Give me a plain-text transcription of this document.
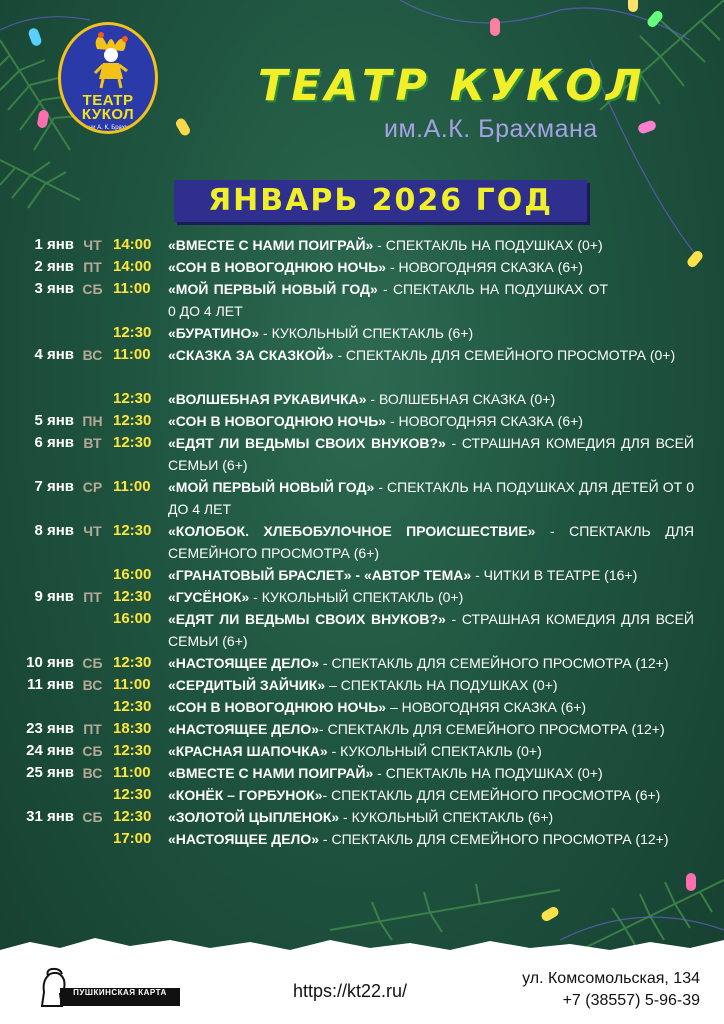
ТЕАТР
КУКОЛ
Имени А. К. Брахмана
ТЕАТР КУКОЛ
им.А.К. Брахмана
ЯНВАРЬ 2026 ГОД
1 янв ЧТ 14:00	«ВМЕСТЕ С НАМИ ПОИГРАЙ» - СПЕКТАКЛЬ НА ПОДУШКАХ (0+)
2 янв ПТ 14:00	«СОН В НОВОГОДНЮЮ НОЧЬ» - НОВОГОДНЯЯ СКАЗКА (6+)
3 янв СБ 11:00	«МОЙ ПЕРВЫЙ НОВЫЙ ГОД» - СПЕКТАКЛЬ НА ПОДУШКАХ ОТ 0 ДО 4 ЛЕТ
12:30	«БУРАТИНО» - КУКОЛЬНЫЙ СПЕКТАКЛЬ (6+)
4 янв ВС 11:00	«СКАЗКА ЗА СКАЗКОЙ» - СПЕКТАКЛЬ ДЛЯ СЕМЕЙНОГО ПРОСМОТРА (0+)
12:30	«ВОЛШЕБНАЯ РУКАВИЧКА» - ВОЛШЕБНАЯ СКАЗКА (0+)
5 янв ПН 12:30	«СОН В НОВОГОДНЮЮ НОЧЬ» - НОВОГОДНЯЯ СКАЗКА (6+)
6 янв ВТ 12:30	«ЕДЯТ ЛИ ВЕДЬМЫ СВОИХ ВНУКОВ?» - СТРАШНАЯ КОМЕДИЯ ДЛЯ ВСЕЙ СЕМЬИ (6+)
7 янв СР 11:00	«МОЙ ПЕРВЫЙ НОВЫЙ ГОД» - СПЕКТАКЛЬ НА ПОДУШКАХ ДЛЯ ДЕТЕЙ ОТ 0 ДО 4 ЛЕТ
8 янв ЧТ 12:30	«КОЛОБОК. ХЛЕБОБУЛОЧНОЕ ПРОИСШЕСТВИЕ» - СПЕКТАКЛЬ ДЛЯ СЕМЕЙНОГО ПРОСМОТРА (6+)
16:00	«ГРАНАТОВЫЙ БРАСЛЕТ» - «АВТОР ТЕМА» - ЧИТКИ В ТЕАТРЕ (16+)
9 янв ПТ 12:30	«ГУСЁНОК» - КУКОЛЬНЫЙ СПЕКТАКЛЬ (0+)
16:00	«ЕДЯТ ЛИ ВЕДЬМЫ СВОИХ ВНУКОВ?» - СТРАШНАЯ КОМЕДИЯ ДЛЯ ВСЕЙ СЕМЬИ (6+)
10 янв СБ 12:30	«НАСТОЯЩЕЕ ДЕЛО» - СПЕКТАКЛЬ ДЛЯ СЕМЕЙНОГО ПРОСМОТРА (12+)
11 янв ВС 11:00	«СЕРДИТЫЙ ЗАЙЧИК» – СПЕКТАКЛЬ НА ПОДУШКАХ (0+)
12:30	«СОН В НОВОГОДНЮЮ НОЧЬ» – НОВОГОДНЯЯ СКАЗКА (6+)
23 янв ПТ 18:30	«НАСТОЯЩЕЕ ДЕЛО»- СПЕКТАКЛЬ ДЛЯ СЕМЕЙНОГО ПРОСМОТРА (12+)
24 янв СБ 12:30	«КРАСНАЯ ШАПОЧКА» - КУКОЛЬНЫЙ СПЕКТАКЛЬ (0+)
25 янв ВС 11:00	«ВМЕСТЕ С НАМИ ПОИГРАЙ» - СПЕКТАКЛЬ НА ПОДУШКАХ (0+)
12:30	«КОНЁК – ГОРБУНОК»- СПЕКТАКЛЬ ДЛЯ СЕМЕЙНОГО ПРОСМОТРА (6+)
31 янв СБ 12:30	«ЗОЛОТОЙ ЦЫПЛЕНОК» - КУКОЛЬНЫЙ СПЕКТАКЛЬ (6+)
17:00	«НАСТОЯЩЕЕ ДЕЛО» - СПЕКТАКЛЬ ДЛЯ СЕМЕЙНОГО ПРОСМОТРА (12+)
ПУШКИНСКАЯ КАРТА	https://kt22.ru/
ул. Комсомольская, 134
+7 (38557) 5-96-39
